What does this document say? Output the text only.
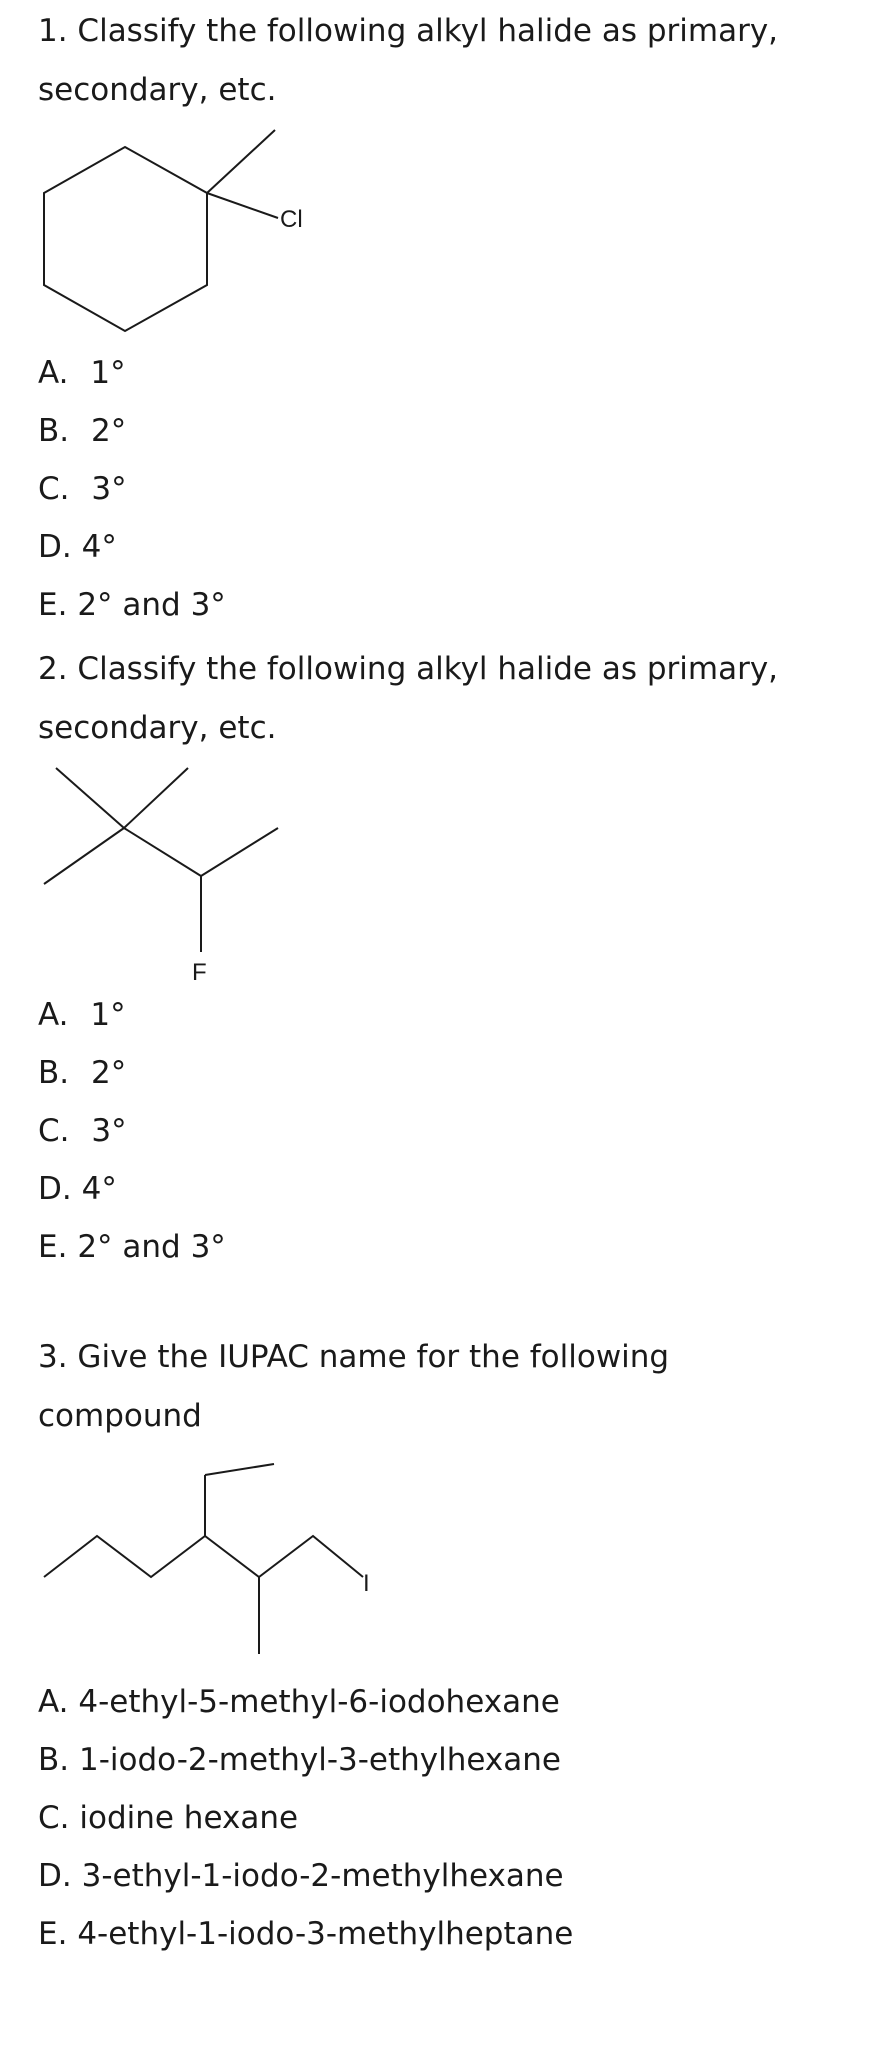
1. Classify the following alkyl halide as primary,
secondary, etc.
Cl
A. 1°
B. 2°
C. 3°
D. 4°
E. 2° and 3°
2. Classify the following alkyl halide as primary,
secondary, etc.
F
A. 1°
B. 2°
C. 3°
D. 4°
E. 2° and 3°
3. Give the IUPAC name for the following
compound
I
A. 4-ethyl-5-methyl-6-iodohexane
B. 1-iodo-2-methyl-3-ethylhexane
C. iodine hexane
D. 3-ethyl-1-iodo-2-methylhexane
E. 4-ethyl-1-iodo-3-methylheptane
